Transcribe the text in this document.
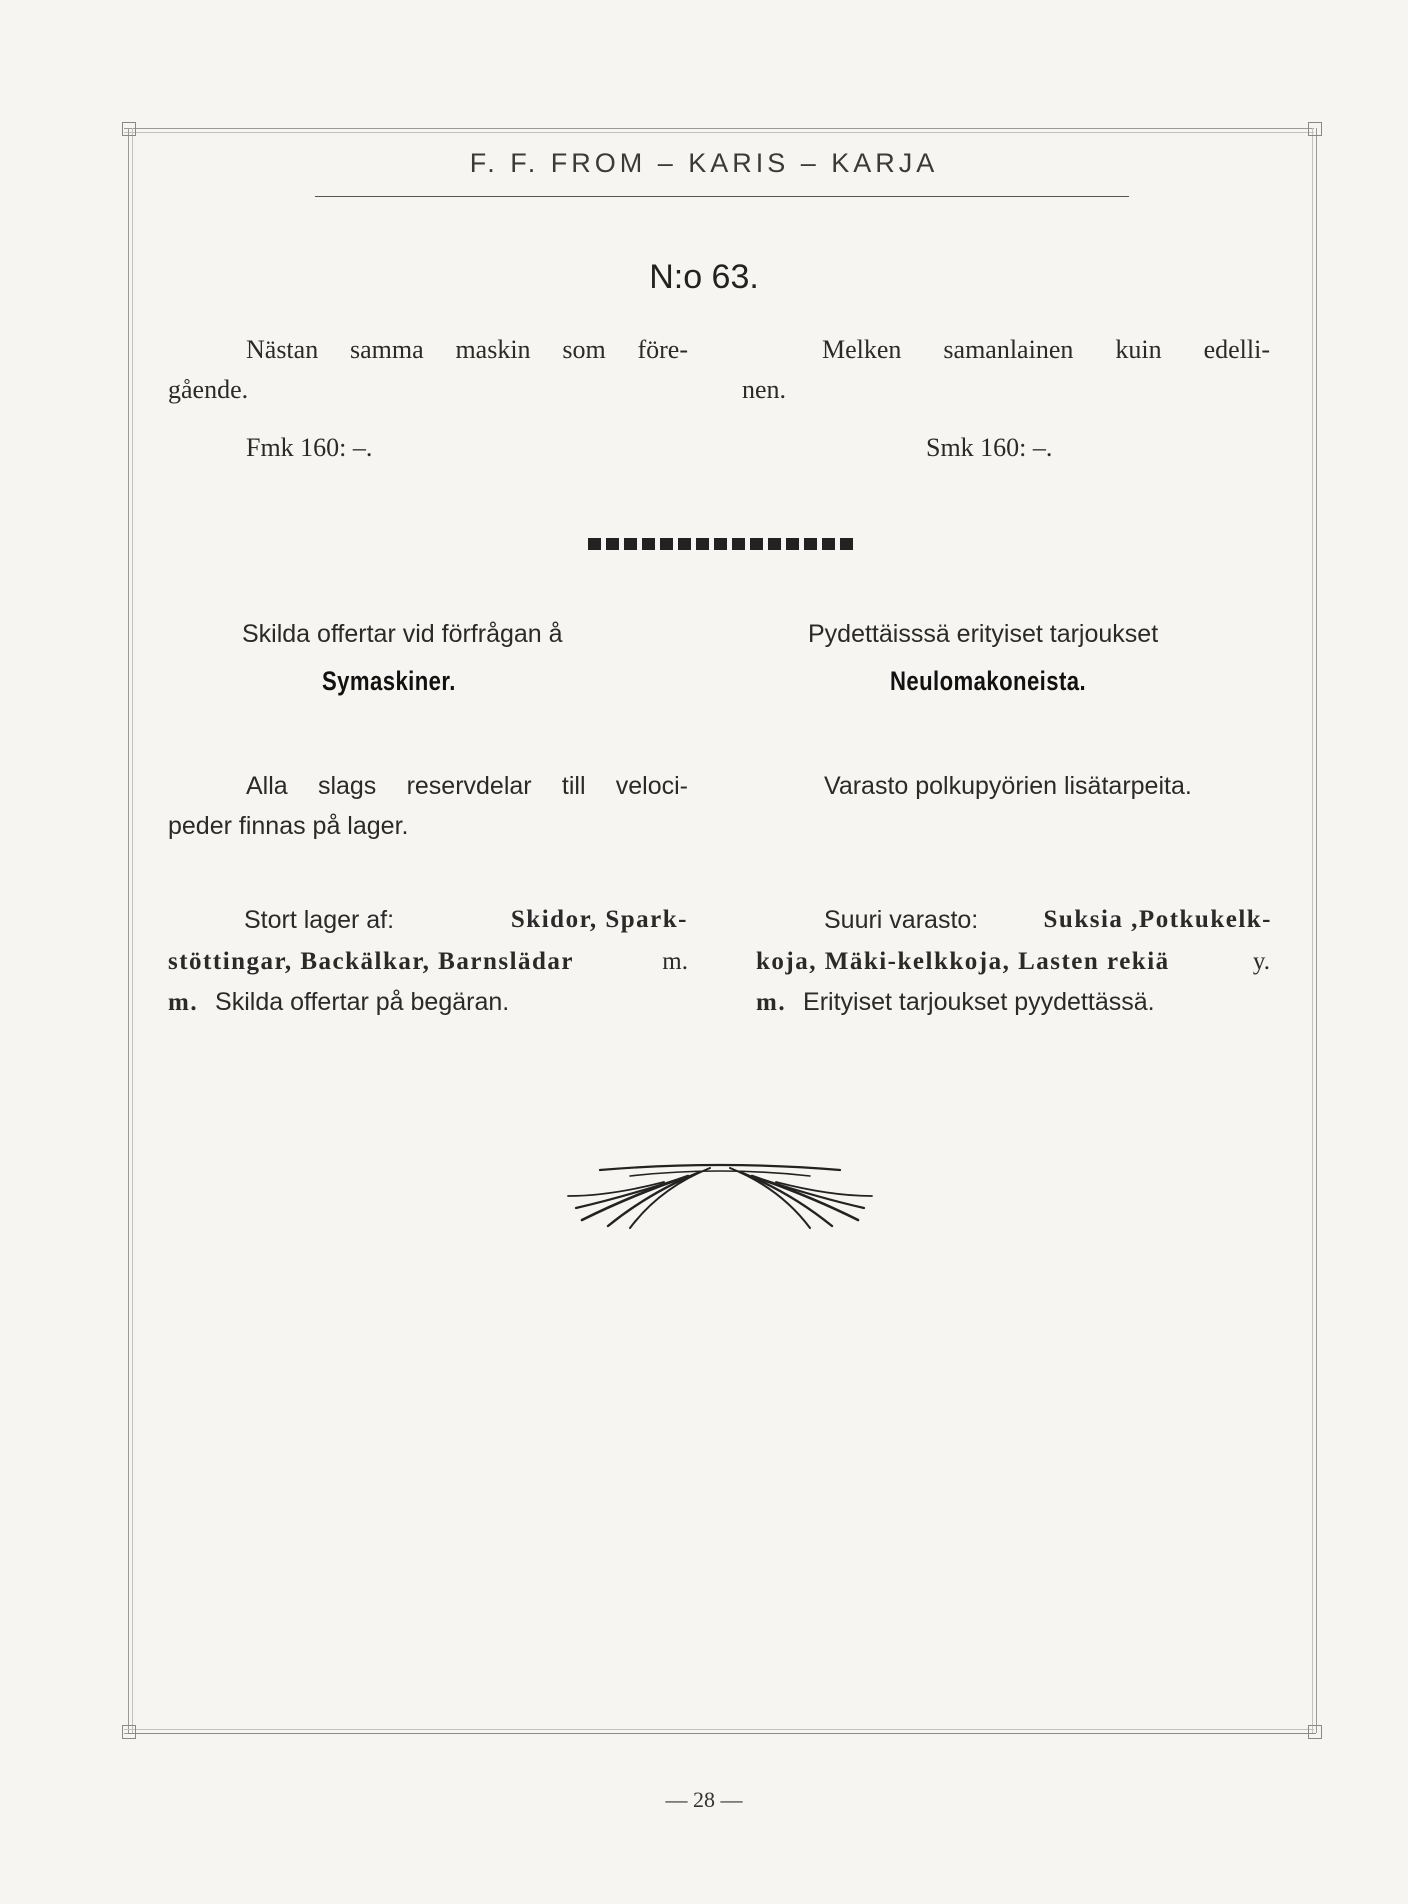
F. F. FROM – KARIS – KARJA
N:o 63.
Nästan samma maskin som före-
gående.
Fmk 160: –.
Melken samanlainen kuin edelli-
nen.
Smk 160: –.
Skilda offertar vid förfrågan å
Symaskiner.
Pydettäisssä erityiset tarjoukset
Neulomakoneista.
Alla slags reservdelar till veloci-
peder finnas på lager.
Varasto polkupyörien lisätarpeita.
Stort lager af:	Skidor, Spark-
stöttingar, Backälkar, Barnslädar	m.
m. Skilda offertar på begäran.
Suuri varasto:	Suksia ,Potkukelk-
koja, Mäki-kelkkoja, Lasten rekiä	y.
m. Erityiset tarjoukset pyydettässä.
— 28 —
